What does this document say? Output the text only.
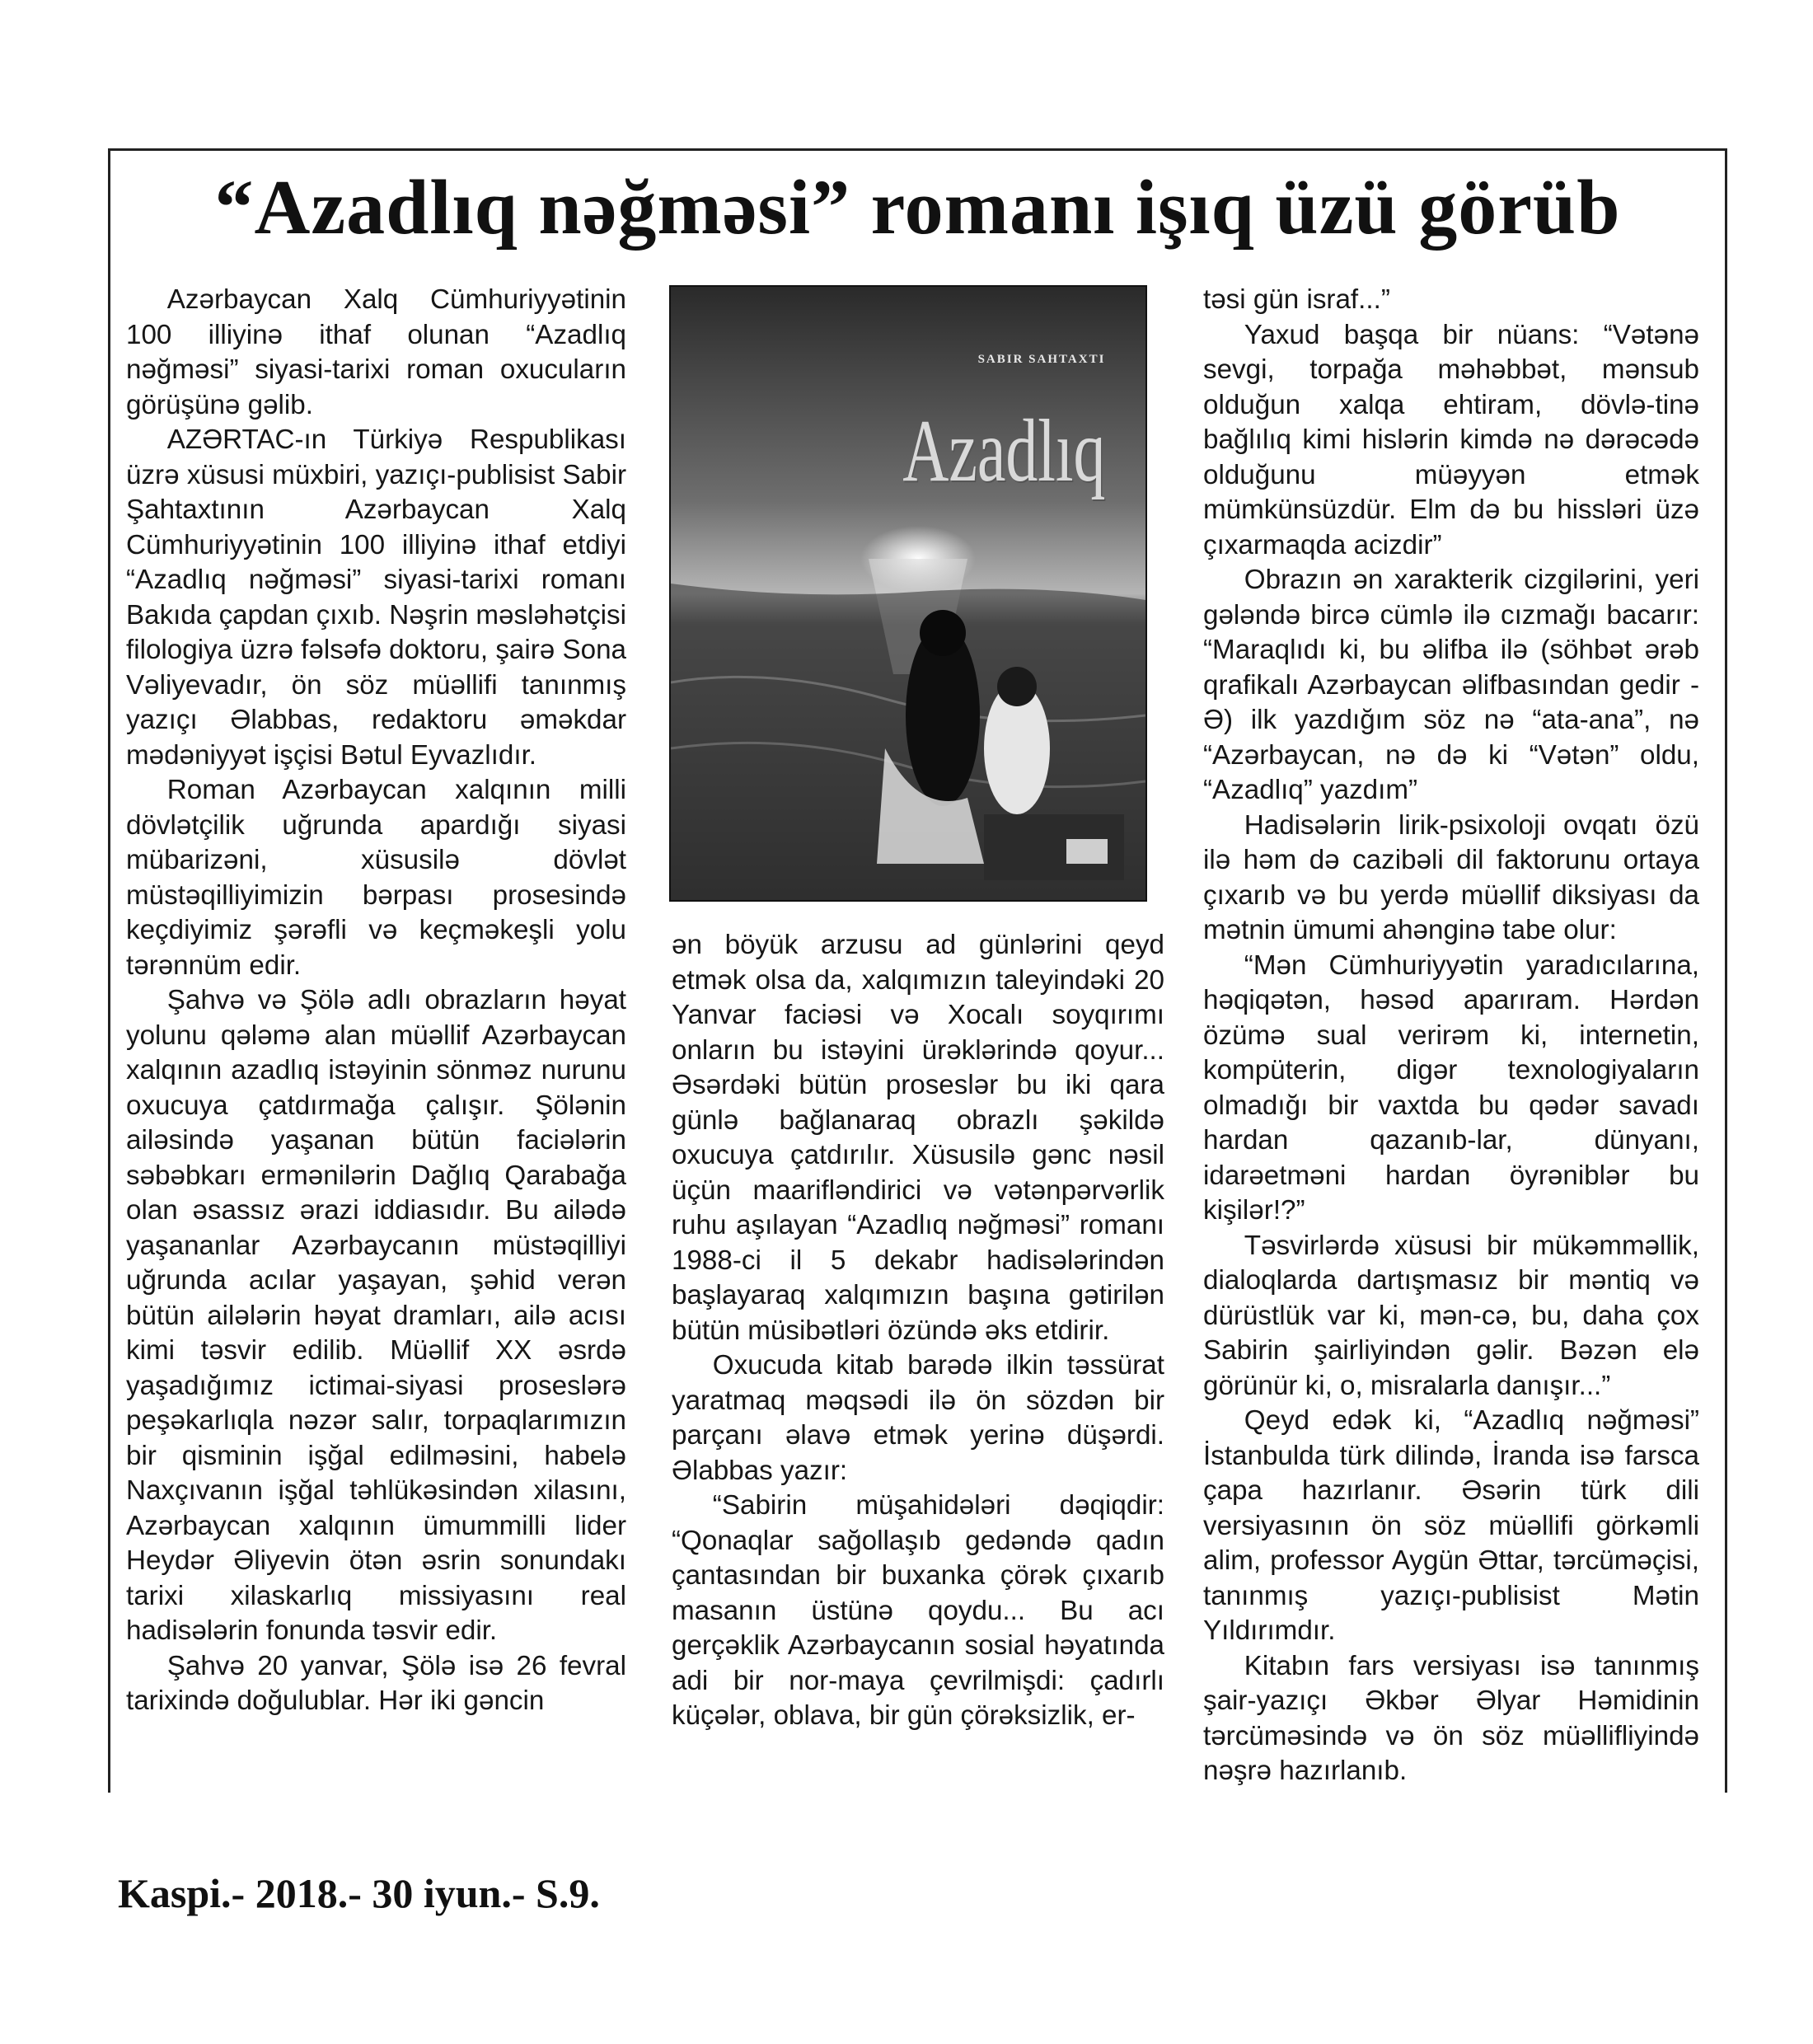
“Azadlıq nəğməsi” romanı işıq üzü görüb

Azərbaycan Xalq Cümhuriyyətinin 100 illiyinə ithaf olunan “Azadlıq nəğməsi” siyasi-tarixi roman oxucuların görüşünə gəlib.

AZƏRTAC-ın Türkiyə Respublikası üzrə xüsusi müxbiri, yazıçı-publisist Sabir Şahtaxtının Azərbaycan Xalq Cümhuriyyətinin 100 illiyinə ithaf etdiyi “Azadlıq nəğməsi” siyasi-tarixi romanı Bakıda çapdan çıxıb. Nəşrin məsləhətçisi filologiya üzrə fəlsəfə doktoru, şairə Sona Vəliyevadır, ön söz müəllifi tanınmış yazıçı Əlabbas, redaktoru əməkdar mədəniyyət işçisi Bətul Eyvazlıdır.

Roman Azərbaycan xalqının milli dövlətçilik uğrunda apardığı siyasi mübarizəni, xüsusilə dövlət müstəqilliyimizin bərpası prosesində keçdiyimiz şərəfli və keçməkeşli yolu tərənnüm edir.

Şahvə və Şölə adlı obrazların həyat yolunu qələmə alan müəllif Azərbaycan xalqının azadlıq istəyinin sönməz nurunu oxucuya çatdırmağa çalışır. Şölənin ailəsində yaşanan bütün faciələrin səbəbkarı ermənilərin Dağlıq Qarabağa olan əsassız ərazi iddiasıdır. Bu ailədə yaşananlar Azərbaycanın müstəqilliyi uğrunda acılar yaşayan, şəhid verən bütün ailələrin həyat dramları, ailə acısı kimi təsvir edilib. Müəllif XX əsrdə yaşadığımız ictimai-siyasi proseslərə peşəkarlıqla nəzər salır, torpaqlarımızın bir qisminin işğal edilməsini, habelə Naxçıvanın işğal təhlükəsindən xilasını, Azərbaycan xalqının ümummilli lider Heydər Əliyevin ötən əsrin sonundakı tarixi xilaskarlıq missiyasını real hadisələrin fonunda təsvir edir.

Şahvə 20 yanvar, Şölə isə 26 fevral tarixində doğulublar. Hər iki gəncin

SABIR SAHTAXTI
Azadlıq

ən böyük arzusu ad günlərini qeyd etmək olsa da, xalqımızın taleyindəki 20 Yanvar faciəsi və Xocalı soyqırımı onların bu istəyini ürəklərində qoyur... Əsərdəki bütün proseslər bu iki qara günlə bağlanaraq obrazlı şəkildə oxucuya çatdırılır. Xüsusilə gənc nəsil üçün maarifləndirici və vətənpərvərlik ruhu aşılayan “Azadlıq nəğməsi” romanı 1988-ci il 5 dekabr hadisələrindən başlayaraq xalqımızın başına gətirilən bütün müsibətləri özündə əks etdirir.

Oxucuda kitab barədə ilkin təssürat yaratmaq məqsədi ilə ön sözdən bir parçanı əlavə etmək yerinə düşərdi. Əlabbas yazır:

“Sabirin müşahidələri dəqiqdir: “Qonaqlar sağollaşıb gedəndə qadın çantasından bir buxanka çörək çıxarıb masanın üstünə qoydu... Bu acı gerçəklik Azərbaycanın sosial həyatında adi bir nor-maya çevrilmişdi: çadırlı küçələr, oblava, bir gün çörəksizlik, er-

təsi gün israf...”

Yaxud başqa bir nüans: “Vətənə sevgi, torpağa məhəbbət, mənsub olduğun xalqa ehtiram, dövlə-tinə bağlılıq kimi hislərin kimdə nə dərəcədə olduğunu müəyyən etmək mümkünsüzdür. Elm də bu hissləri üzə çıxarmaqda acizdir”

Obrazın ən xarakterik cizgilərini, yeri gələndə bircə cümlə ilə cızmağı bacarır: “Maraqlıdı ki, bu əlifba ilə (söhbət ərəb qrafikalı Azərbaycan əlifbasından gedir - Ə) ilk yazdığım söz nə “ata-ana”, nə “Azərbaycan, nə də ki “Vətən” oldu, “Azadlıq” yazdım”

Hadisələrin lirik-psixoloji ovqatı özü ilə həm də cazibəli dil faktorunu ortaya çıxarıb və bu yerdə müəllif diksiyası da mətnin ümumi ahənginə tabe olur:

“Mən Cümhuriyyətin yaradıcılarına, həqiqətən, həsəd aparıram. Hərdən özümə sual verirəm ki, internetin, kompüterin, digər texnologiyaların olmadığı bir vaxtda bu qədər savadı hardan qazanıb-lar, dünyanı, idarəetməni hardan öyrəniblər bu kişilər!?”

Təsvirlərdə xüsusi bir mükəmməllik, dialoqlarda dartışmasız bir məntiq və dürüstlük var ki, mən-cə, bu, daha çox Sabirin şairliyindən gəlir. Bəzən elə görünür ki, o, misralarla danışır...”

Qeyd edək ki, “Azadlıq nəğməsi” İstanbulda türk dilində, İranda isə farsca çapa hazırlanır. Əsərin türk dili versiyasının ön söz müəllifi görkəmli alim, professor Aygün Əttar, tərcüməçisi, tanınmış yazıçı-publisist Mətin Yıldırımdır.

Kitabın fars versiyası isə tanınmış şair-yazıçı Əkbər Əlyar Həmidinin tərcüməsində və ön söz müəllifliyində nəşrə hazırlanıb.

Kaspi.- 2018.- 30 iyun.- S.9.
